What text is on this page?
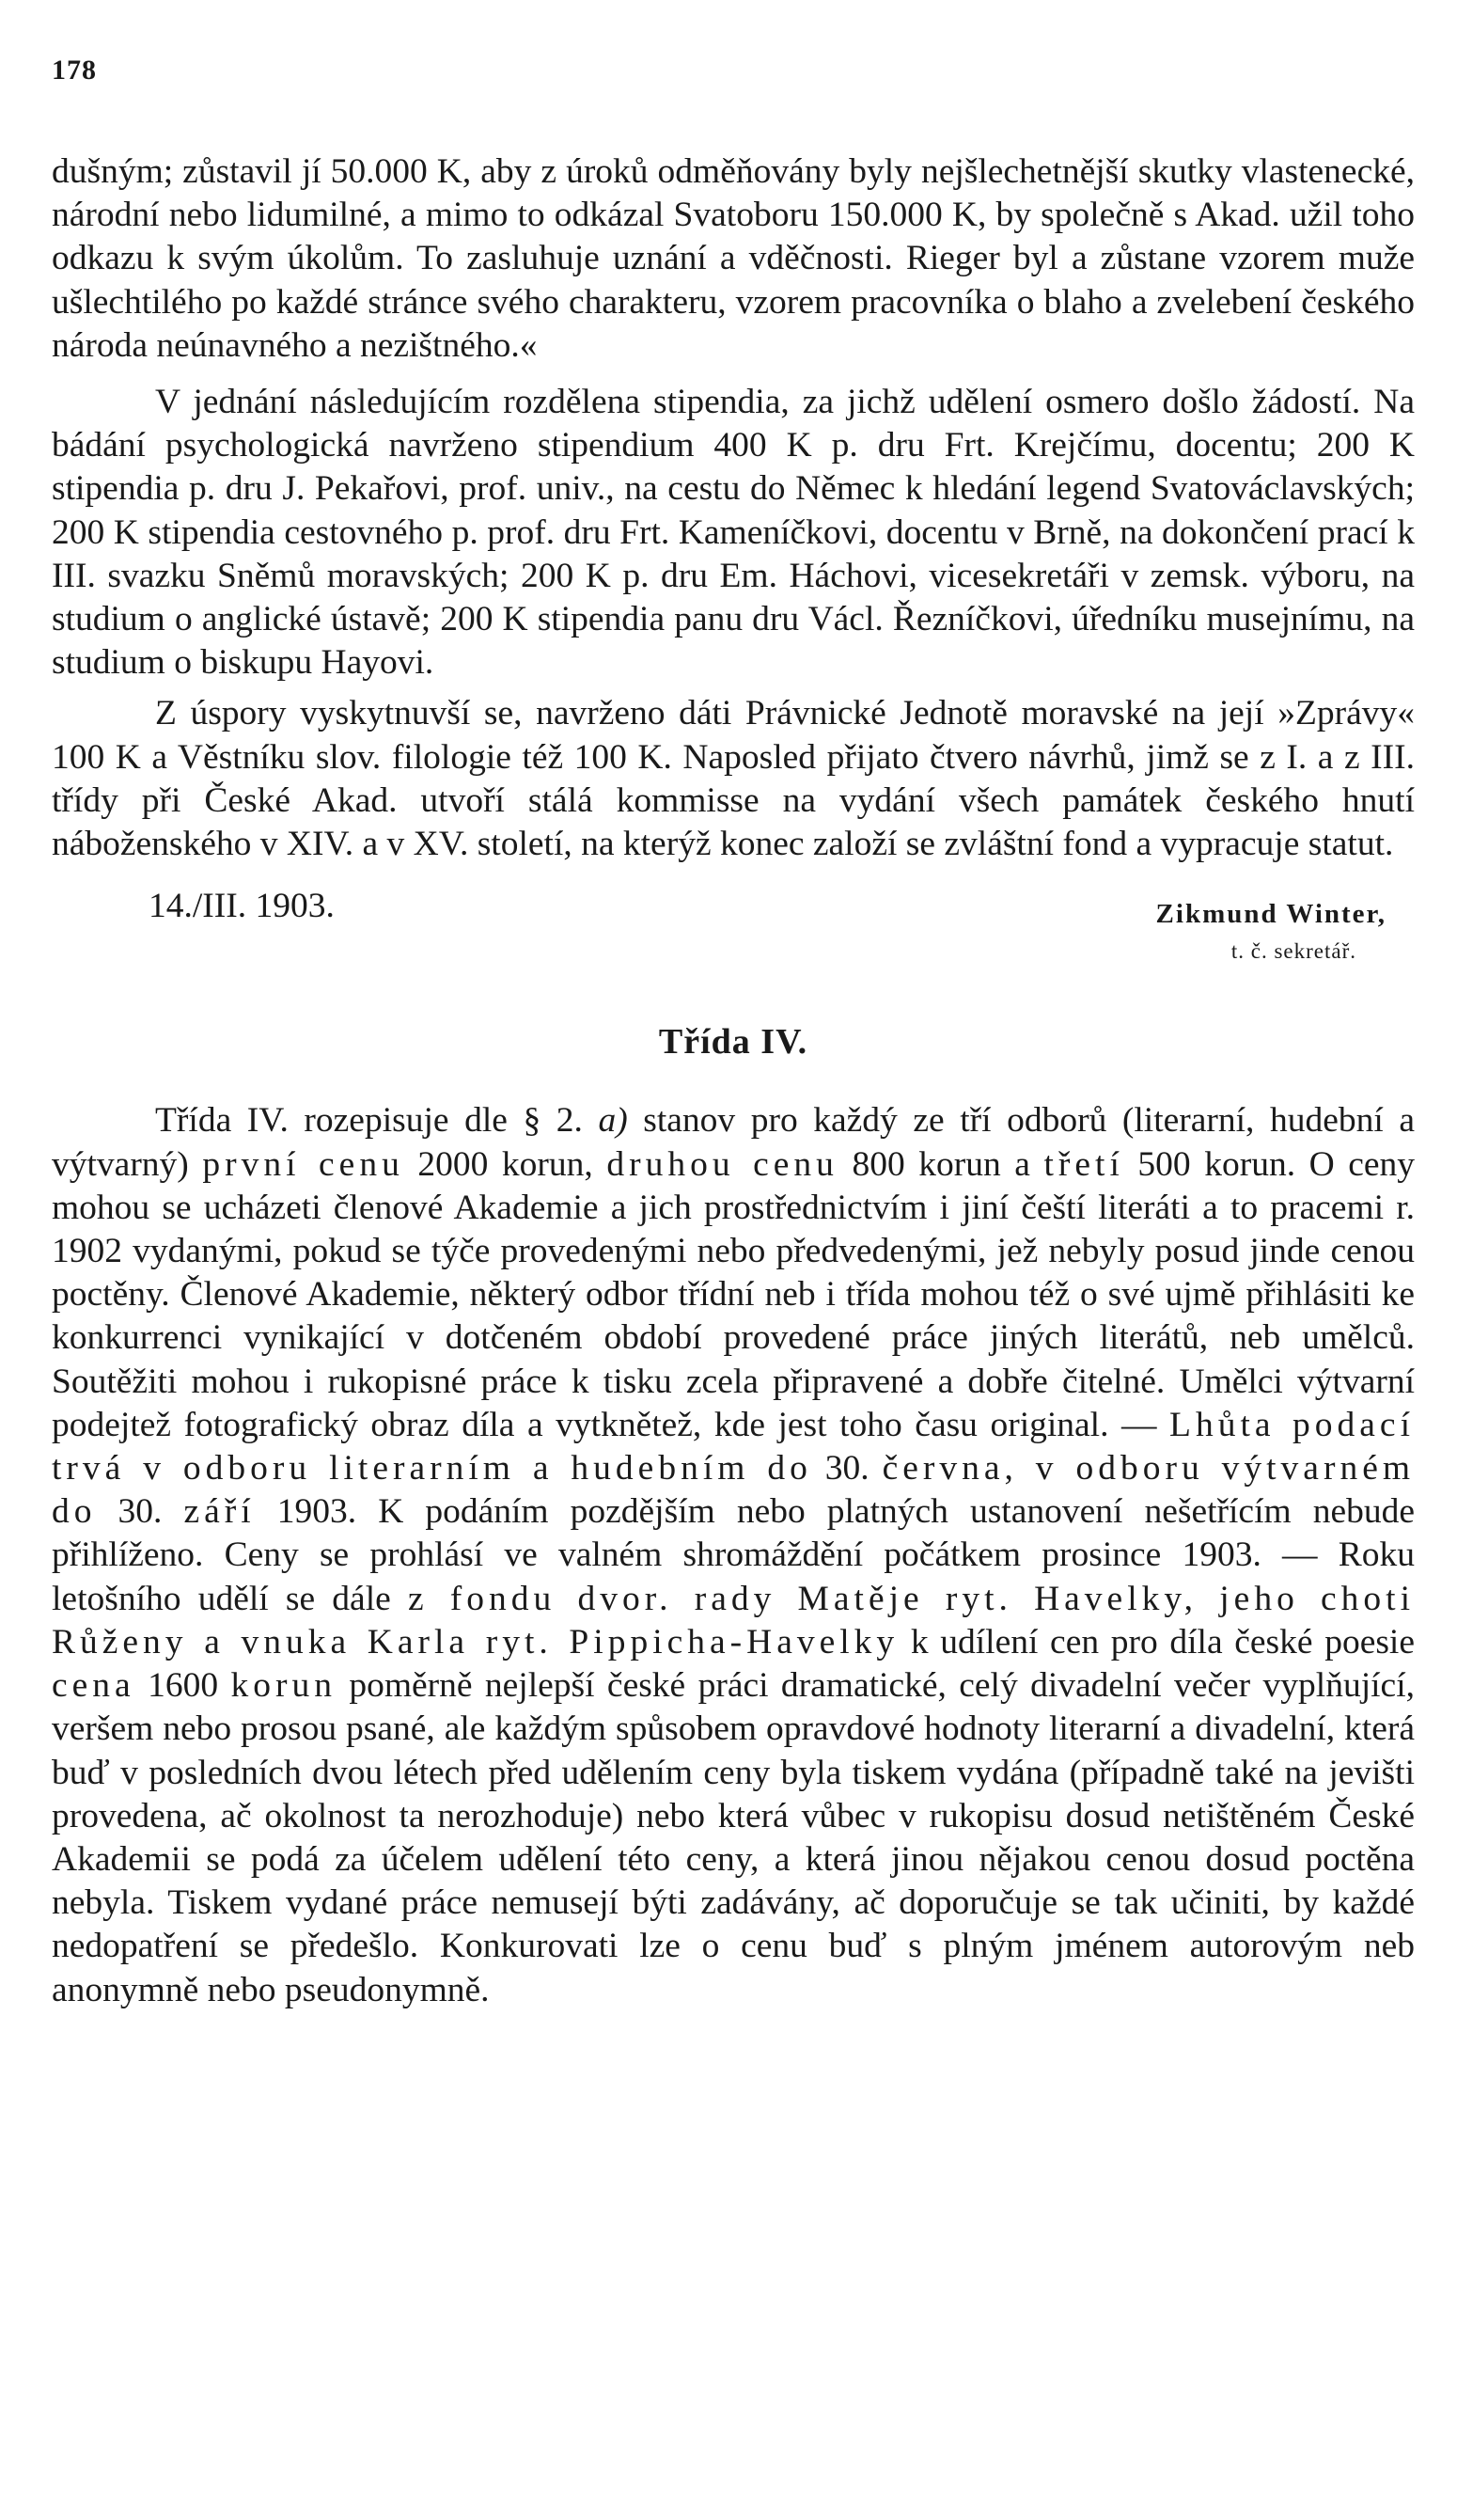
178

dušným; zůstavil jí 50.000 K, aby z úroků odměňovány byly nejšlechetnější skutky vlastenecké, národní nebo lidumilné, a mimo to odkázal Svatoboru 150.000 K, by společně s Akad. užil toho odkazu k svým úkolům. To zasluhuje uznání a vděčnosti. Rieger byl a zůstane vzorem muže ušlechtilého po každé stránce svého charakteru, vzorem pracovníka o blaho a zvelebení českého národa neúnavného a nezištného.«

V jednání následujícím rozdělena stipendia, za jichž udělení osmero došlo žádostí. Na bádání psychologická navrženo stipendium 400 K p. dru Frt. Krejčímu, docentu; 200 K stipendia p. dru J. Pekařovi, prof. univ., na cestu do Němec k hledání legend Svatováclavských; 200 K stipendia cestovného p. prof. dru Frt. Kameníčkovi, docentu v Brně, na dokončení prací k III. svazku Sněmů moravských; 200 K p. dru Em. Háchovi, vicesekretáři v zemsk. výboru, na studium o anglické ústavě; 200 K stipendia panu dru Václ. Řezníčkovi, úředníku musejnímu, na studium o biskupu Hayovi.

Z úspory vyskytnuvší se, navrženo dáti Právnické Jednotě moravské na její »Zprávy« 100 K a Věstníku slov. filologie též 100 K. Naposled přijato čtvero návrhů, jimž se z I. a z III. třídy při České Akad. utvoří stálá kommisse na vydání všech památek českého hnutí náboženského v XIV. a v XV. století, na kterýž konec založí se zvláštní fond a vypracuje statut.

14./III. 1903.	Zikmund Winter,
t. č. sekretář.
Třída IV.

Třída IV. rozepisuje dle § 2. a) stanov pro každý ze tří odborů (literarní, hudební a výtvarný) první cenu 2000 korun, druhou cenu 800 korun a třetí 500 korun. O ceny mohou se ucházeti členové Akademie a jich prostřednictvím i jiní čeští literáti a to pracemi r. 1902 vydanými, pokud se týče provedenými nebo předvedenými, jež nebyly posud jinde cenou poctěny. Členové Akademie, některý odbor třídní neb i třída mohou též o své ujmě přihlásiti ke konkurrenci vynikající v dotčeném období provedené práce jiných literátů, neb umělců. Soutěžiti mohou i rukopisné práce k tisku zcela připravené a dobře čitelné. Umělci výtvarní podejtež fotografický obraz díla a vytknětež, kde jest toho času original. — Lhůta podací trvá v odboru literarním a hudebním do 30. června, v odboru výtvarném do 30. září 1903. K podáním pozdějším nebo platných ustanovení nešetřícím nebude přihlíženo. Ceny se prohlásí ve valném shromáždění počátkem prosince 1903. — Roku letošního udělí se dále z fondu dvor. rady Matěje ryt. Havelky, jeho choti Růženy a vnuka Karla ryt. Pippicha-Havelky k udílení cen pro díla české poesie cena 1600 korun poměrně nejlepší české práci dramatické, celý divadelní večer vyplňující, veršem nebo prosou psané, ale každým spůsobem opravdové hodnoty literarní a divadelní, která buď v posledních dvou létech před udělením ceny byla tiskem vydána (případně také na jevišti provedena, ač okolnost ta nerozhoduje) nebo která vůbec v rukopisu dosud netištěném České Akademii se podá za účelem udělení této ceny, a která jinou nějakou cenou dosud poctěna nebyla. Tiskem vydané práce nemusejí býti zadávány, ač doporučuje se tak učiniti, by každé nedopatření se předešlo. Konkurovati lze o cenu buď s plným jménem autorovým neb anonymně nebo pseudonymně.
